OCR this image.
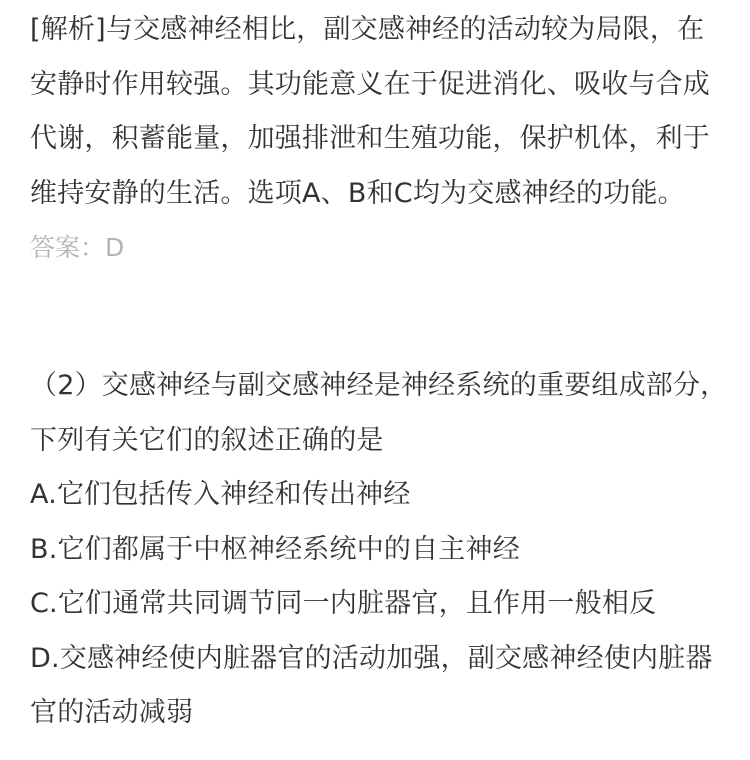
[解析]与交感神经相比，副交感神经的活动较为局限，在安静时作用较强。其功能意义在于促进消化、吸收与合成代谢，积蓄能量，加强排泄和生殖功能，保护机体，利于维持安静的生活。选项A、B和C均为交感神经的功能。

答案：D

（2）交感神经与副交感神经是神经系统的重要组成部分，下列有关它们的叙述正确的是

A.它们包括传入神经和传出神经
B.它们都属于中枢神经系统中的自主神经
C.它们通常共同调节同一内脏器官，且作用一般相反
D.交感神经使内脏器官的活动加强，副交感神经使内脏器官的活动减弱
